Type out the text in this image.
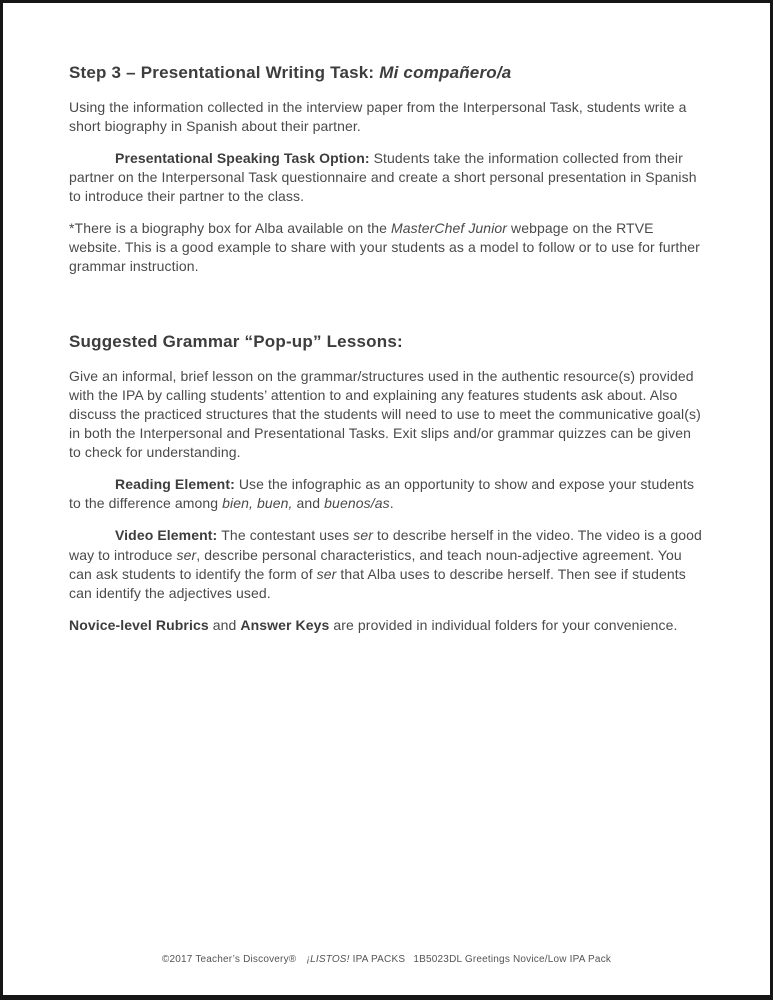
Step 3 – Presentational Writing Task: Mi compañero/a

Using the information collected in the interview paper from the Interpersonal Task, students write a short biography in Spanish about their partner.

Presentational Speaking Task Option: Students take the information collected from their partner on the Interpersonal Task questionnaire and create a short personal presentation in Spanish to introduce their partner to the class.

*There is a biography box for Alba available on the MasterChef Junior webpage on the RTVE website. This is a good example to share with your students as a model to follow or to use for further grammar instruction.

Suggested Grammar “Pop-up” Lessons:

Give an informal, brief lesson on the grammar/structures used in the authentic resource(s) provided with the IPA by calling students’ attention to and explaining any features students ask about. Also discuss the practiced structures that the students will need to use to meet the communicative goal(s) in both the Interpersonal and Presentational Tasks. Exit slips and/or grammar quizzes can be given to check for understanding.

Reading Element: Use the infographic as an opportunity to show and expose your students to the difference among bien, buen, and buenos/as.

Video Element: The contestant uses ser to describe herself in the video. The video is a good way to introduce ser, describe personal characteristics, and teach noun-adjective agreement. You can ask students to identify the form of ser that Alba uses to describe herself. Then see if students can identify the adjectives used.

Novice-level Rubrics and Answer Keys are provided in individual folders for your convenience.

©2017 Teacher’s Discovery® ¡LISTOS! IPA PACKS  1B5023DL Greetings Novice/Low IPA Pack
